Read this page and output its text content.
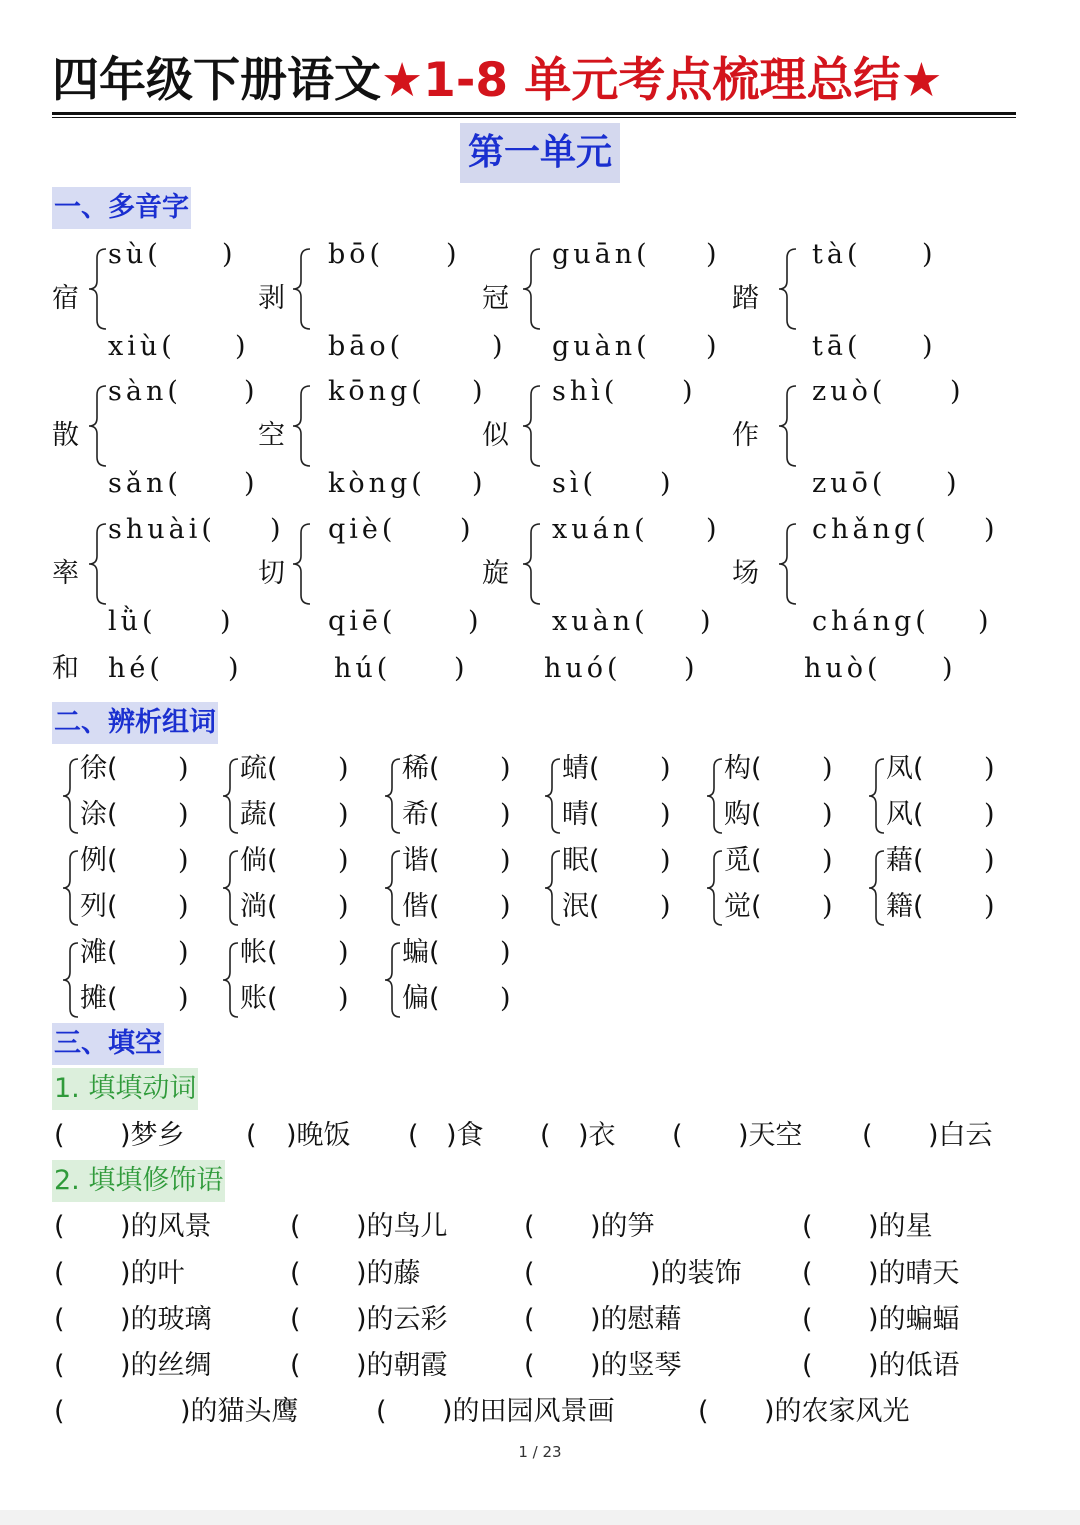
四年级下册语文★1-8 单元考点梳理总结★
第一单元
一、多音字
宿
sù( )
xiù( )
剥
bō( )
bāo(	)
冠
guān( )
guàn( )
踏
tà( )
tā( )
散
sàn( )
sǎn( )
空
kōng( )
kòng( )
似
shì( )
sì( )
作
zuò( )
zuō( )
率
shuài( )
lǜ( )
切
qiè( )
qiē(	)
旋
xuán( )
xuàn( )
场
chǎng( )
cháng( )
和 hé( )	hú( )	huó( )	huò( )
二、辨析组词
徐( )
涂( )
疏( )
蔬( )
稀( )
希( )
蜻( )
晴( )
构( )
购( )
凤( )
风( )
例( )
列( )
倘( )
淌( )
谐( )
偕( )
眠( )
泯( )
觅( )
觉( )
藉( )
籍( )
滩( )
摊( )
帐( )
账( )
蝙( )
偏( )
三、填空
1. 填填动词
( )梦乡 ( )晚饭 ( )食 ( )衣 ( )天空 ( )白云
2. 填填修饰语
( )的风景	( )的鸟儿	( )的笋	( )的星
( )的叶	( )的藤	(	)的装饰 ( )的晴天
( )的玻璃	( )的云彩	( )的慰藉	( )的蝙蝠
( )的丝绸	( )的朝霞	( )的竖琴	( )的低语
(	)的猫头鹰	( )的田园风景画	( )的农家风光
1 / 23
